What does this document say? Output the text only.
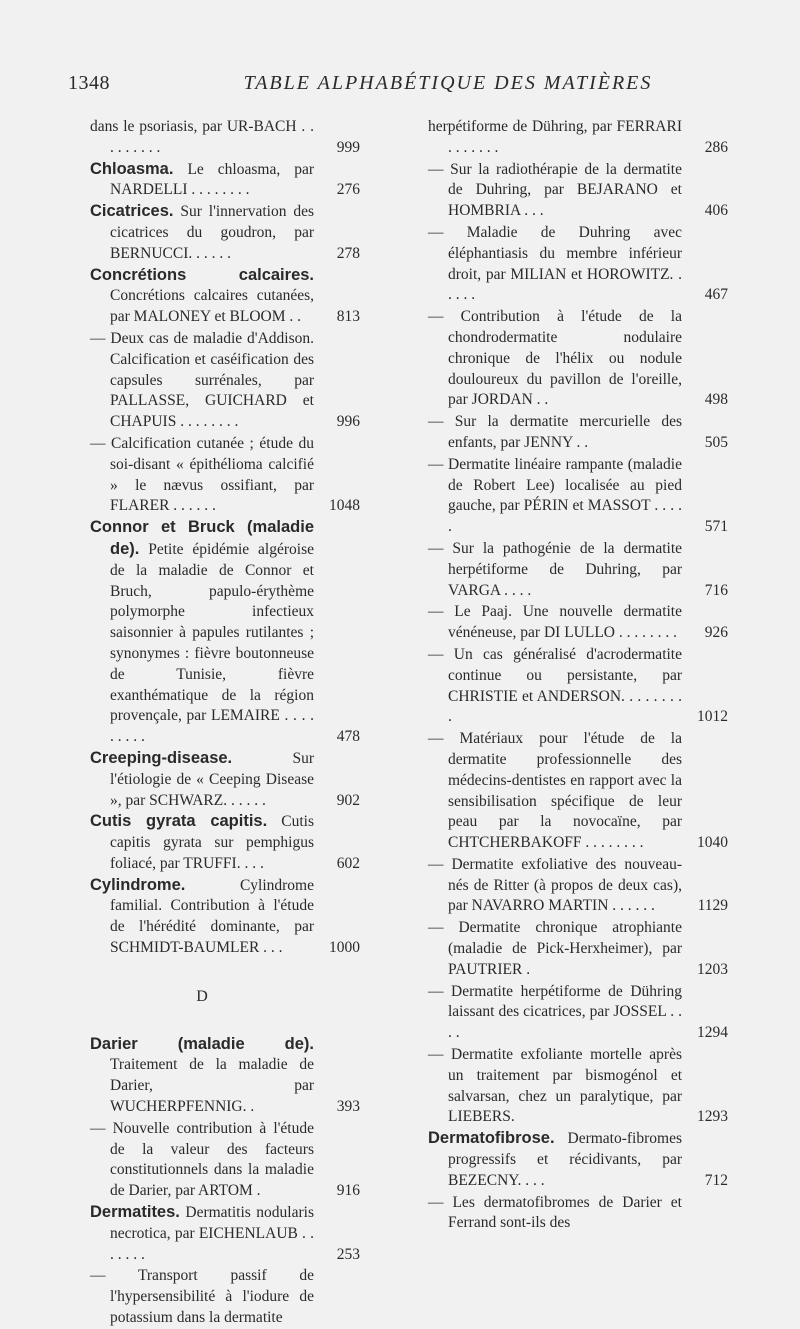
1348	TABLE ALPHABÉTIQUE DES MATIÈRES
dans le psoriasis, par UR-BACH . . . . . . . . .	999
Chloasma. Le chloasma, par NARDELLI . . . . . . . .	276
Cicatrices. Sur l'innervation des cicatrices du goudron, par BERNUCCI. . . . . .	278
Concrétions calcaires. Concrétions calcaires cutanées, par MALONEY et BLOOM . .	813
— Deux cas de maladie d'Addison. Calcification et caséification des capsules surrénales, par PALLASSE, GUICHARD et CHAPUIS . . . . . . . .	996
— Calcification cutanée ; étude du soi-disant « épithélioma calcifié » le nævus ossifiant, par FLARER . . . . . .	1048
Connor et Bruck (maladie de). Petite épidémie algéroise de la maladie de Connor et Bruch, papulo-érythème polymorphe infectieux saisonnier à papules rutilantes ; synonymes : fièvre boutonneuse de Tunisie, fièvre exanthématique de la région provençale, par LEMAIRE . . . . . . . . .	478
Creeping-disease. Sur l'étiologie de « Ceeping Disease », par SCHWARZ. . . . . .	902
Cutis gyrata capitis. Cutis capitis gyrata sur pemphigus foliacé, par TRUFFI. . . .	602
Cylindrome. Cylindrome familial. Contribution à l'étude de l'hérédité dominante, par SCHMIDT-BAUMLER . . .	1000
D
Darier (maladie de). Traitement de la maladie de Darier, par WUCHERPFENNIG. .	393
— Nouvelle contribution à l'étude de la valeur des facteurs constitutionnels dans la maladie de Darier, par ARTOM .	916
Dermatites. Dermatitis nodularis necrotica, par EICHENLAUB . . . . . . .	253
— Transport passif de l'hypersensibilité à l'iodure de potassium dans la dermatite
herpétiforme de Dühring, par FERRARI . . . . . . .	286
— Sur la radiothérapie de la dermatite de Duhring, par BEJARANO et HOMBRIA . . .	406
— Maladie de Duhring avec éléphantiasis du membre inférieur droit, par MILIAN et HOROWITZ. . . . . .	467
— Contribution à l'étude de la chondrodermatite nodulaire chronique de l'hélix ou nodule douloureux du pavillon de l'oreille, par JORDAN . .	498
— Sur la dermatite mercurielle des enfants, par JENNY . .	505
— Dermatite linéaire rampante (maladie de Robert Lee) localisée au pied gauche, par PÉRIN et MASSOT . . . . .	571
— Sur la pathogénie de la dermatite herpétiforme de Duhring, par VARGA . . . .	716
— Le Paaj. Une nouvelle dermatite vénéneuse, par DI LULLO . . . . . . . .	926
— Un cas généralisé d'acrodermatite continue ou persistante, par CHRISTIE et ANDERSON. . . . . . . . .	1012
— Matériaux pour l'étude de la dermatite professionnelle des médecins-dentistes en rapport avec la sensibilisation spécifique de leur peau par la novocaïne, par CHTCHERBAKOFF . . . . . . . .	1040
— Dermatite exfoliative des nouveau-nés de Ritter (à propos de deux cas), par NAVARRO MARTIN . . . . . .	1129
— Dermatite chronique atrophiante (maladie de Pick-Herxheimer), par PAUTRIER .	1203
— Dermatite herpétiforme de Dühring laissant des cicatrices, par JOSSEL . . . .	1294
— Dermatite exfoliante mortelle après un traitement par bismogénol et salvarsan, chez un paralytique, par LIEBERS.	1293
Dermatofibrose. Dermato-fibromes progressifs et récidivants, par BEZECNY. . . .	712
— Les dermatofibromes de Darier et Ferrand sont-ils des
